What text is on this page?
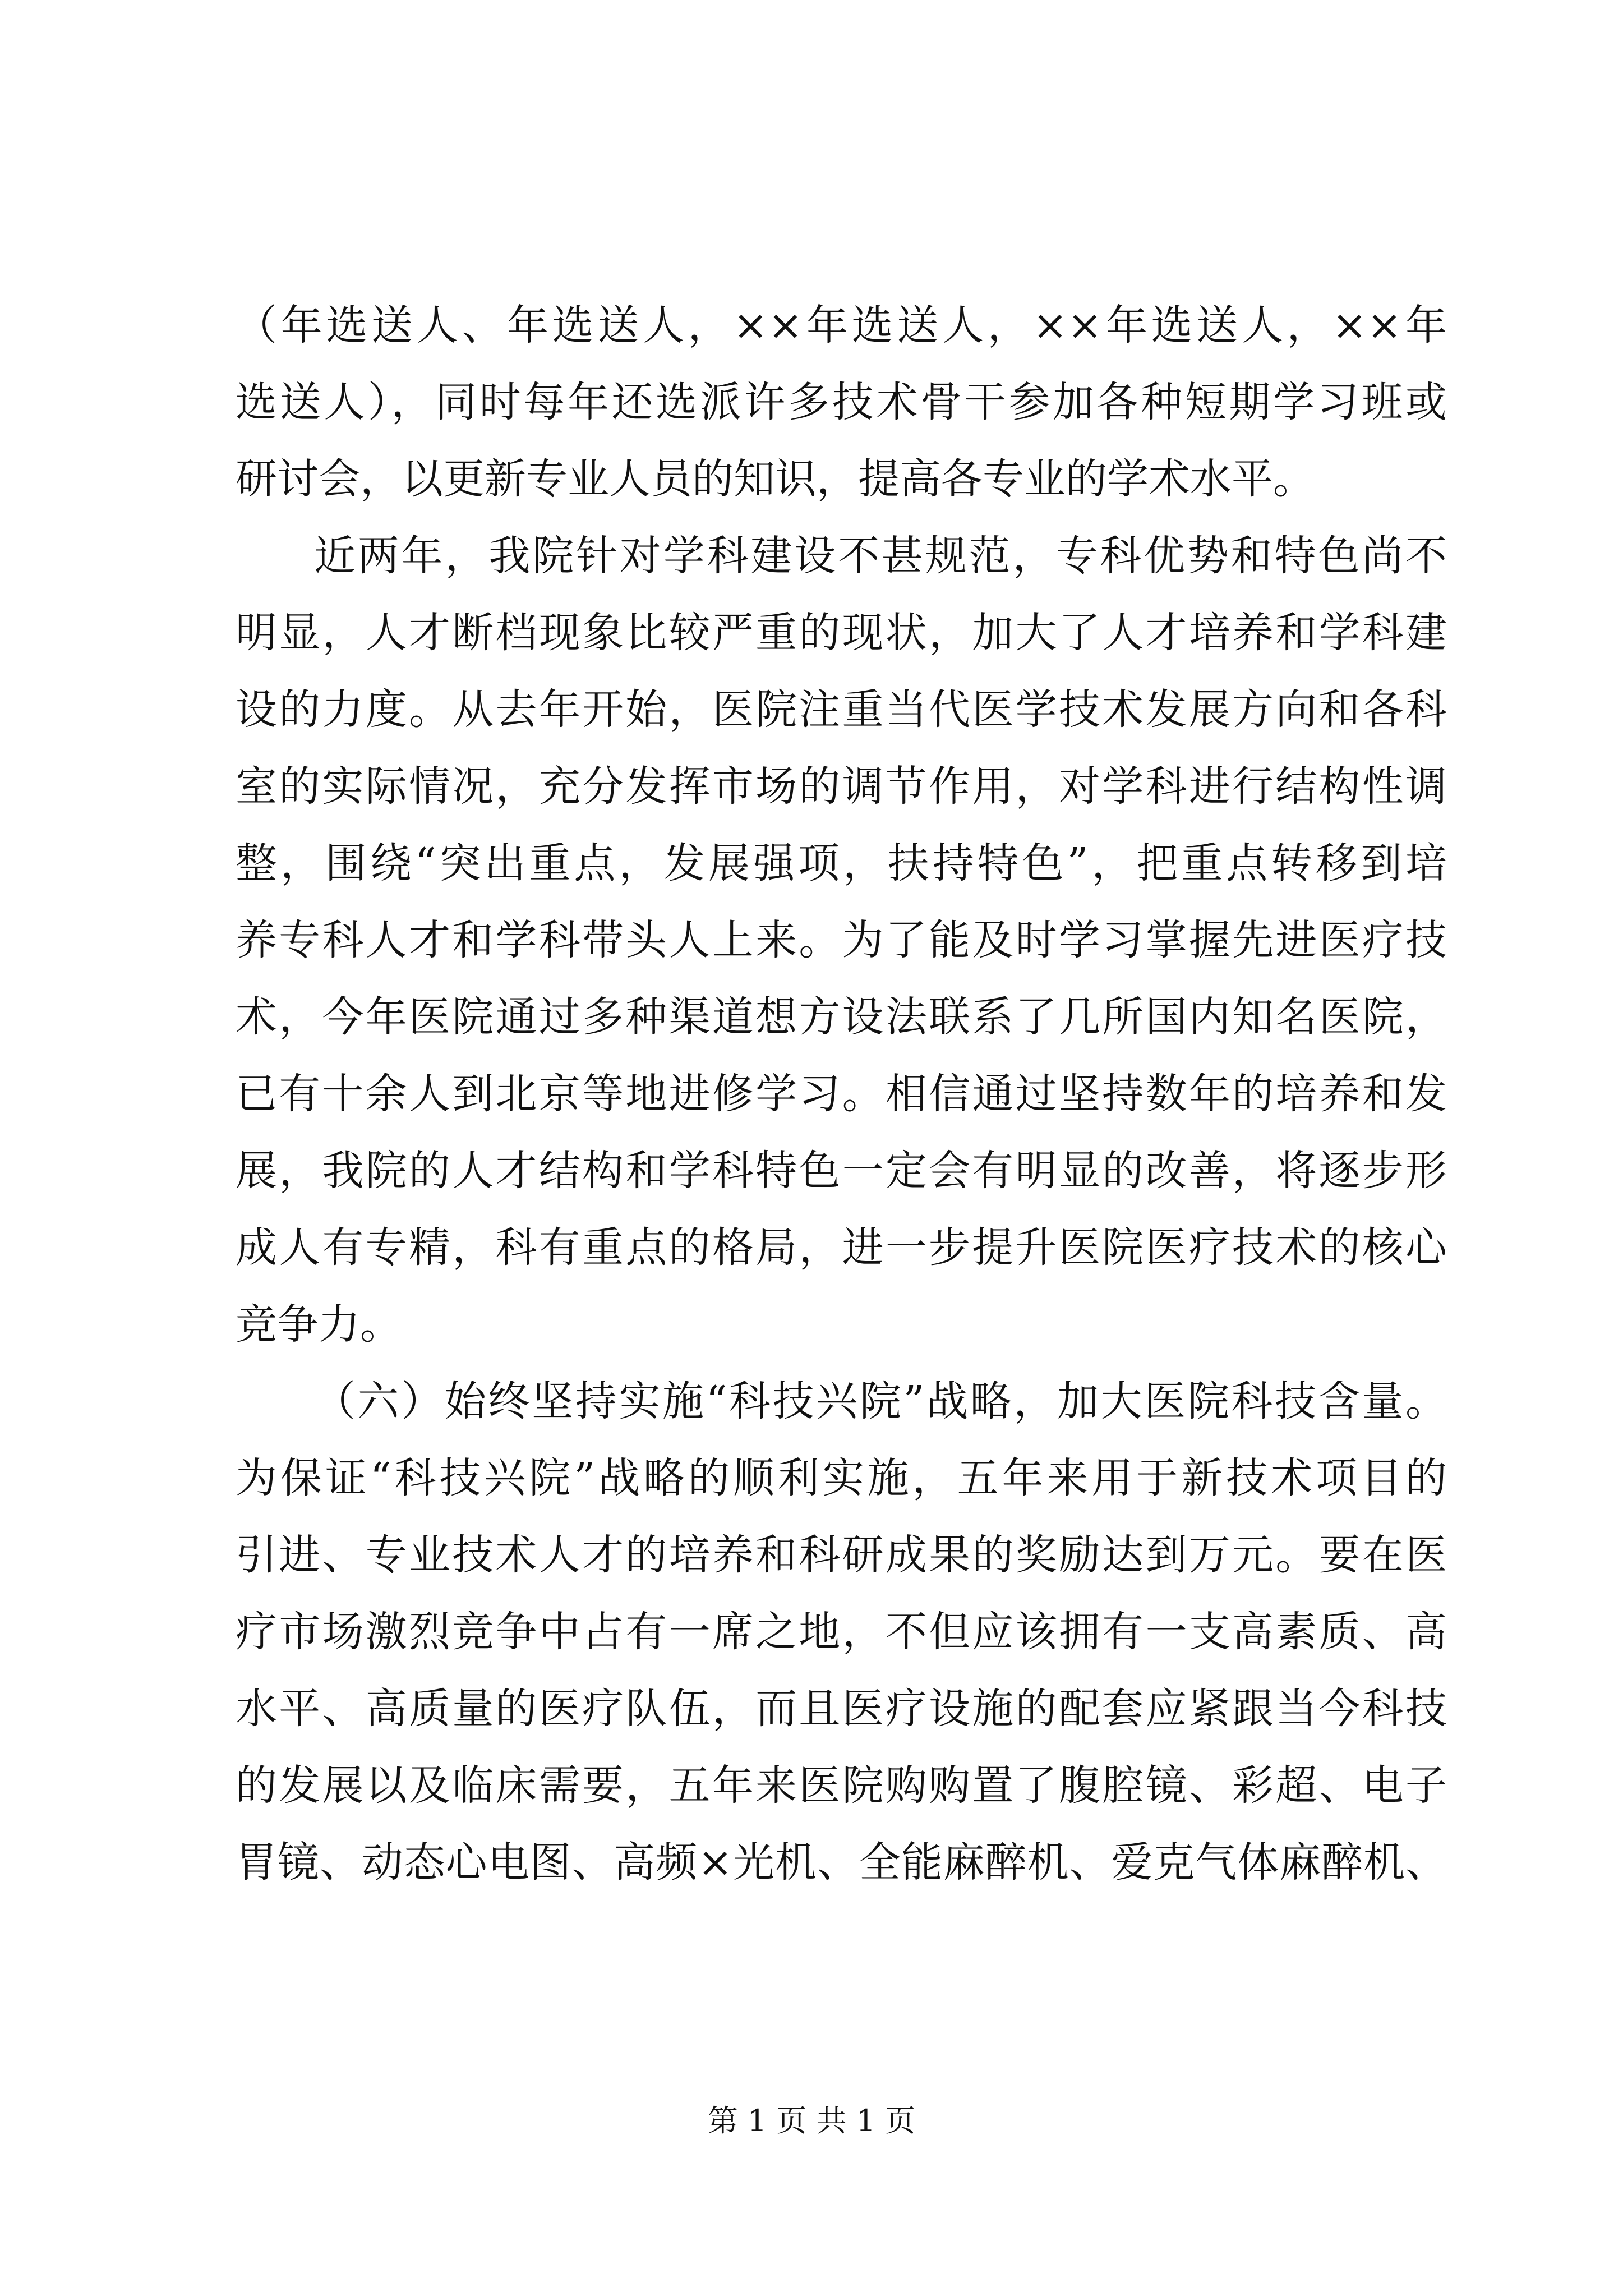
（年选送人、年选送人，××年选送人，××年选送人，××年
选送人），同时每年还选派许多技术骨干参加各种短期学习班或
研讨会，以更新专业人员的知识，提高各专业的学术水平。
近两年，我院针对学科建设不甚规范，专科优势和特色尚不
明显，人才断档现象比较严重的现状，加大了人才培养和学科建
设的力度。从去年开始，医院注重当代医学技术发展方向和各科
室的实际情况，充分发挥市场的调节作用，对学科进行结构性调
整，围绕“突出重点，发展强项，扶持特色”，把重点转移到培
养专科人才和学科带头人上来。为了能及时学习掌握先进医疗技
术，今年医院通过多种渠道想方设法联系了几所国内知名医院，
已有十余人到北京等地进修学习。相信通过坚持数年的培养和发
展，我院的人才结构和学科特色一定会有明显的改善，将逐步形
成人有专精，科有重点的格局，进一步提升医院医疗技术的核心
竞争力。
（六）始终坚持实施“科技兴院”战略，加大医院科技含量。
为保证“科技兴院”战略的顺利实施，五年来用于新技术项目的
引进、专业技术人才的培养和科研成果的奖励达到万元。要在医
疗市场激烈竞争中占有一席之地，不但应该拥有一支高素质、高
水平、高质量的医疗队伍，而且医疗设施的配套应紧跟当今科技
的发展以及临床需要，五年来医院购购置了腹腔镜、彩超、电子
胃镜、动态心电图、高频×光机、全能麻醉机、爱克气体麻醉机、
第 1 页 共 1 页
